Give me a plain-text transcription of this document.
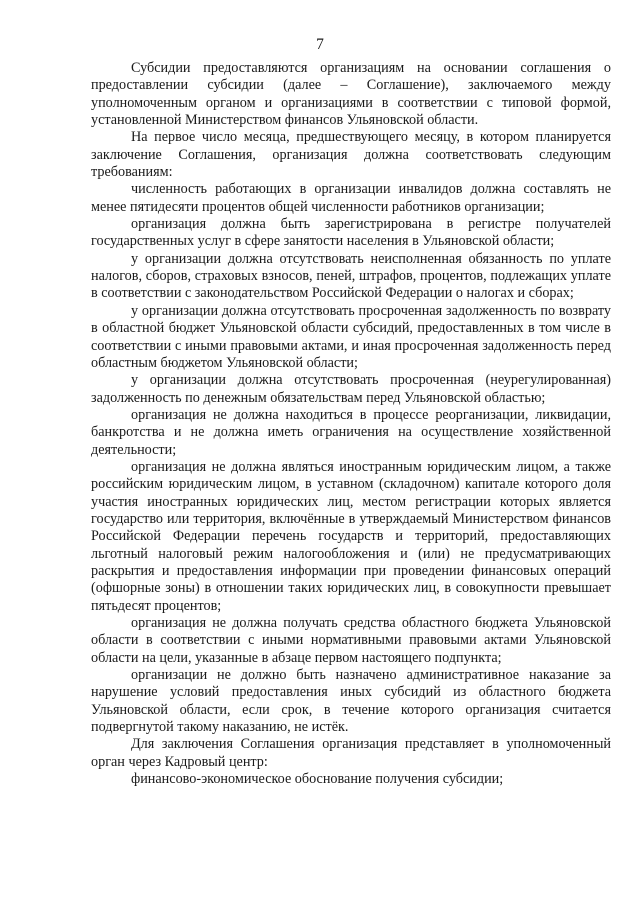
7

Субсидии предоставляются организациям на основании соглашения о предоставлении субсидии (далее – Соглашение), заключаемого между уполномоченным органом и организациями в соответствии с типовой формой, установленной Министерством финансов Ульяновской области.

На первое число месяца, предшествующего месяцу, в котором планируется заключение Соглашения, организация должна соответствовать следующим требованиям:

численность работающих в организации инвалидов должна составлять не менее пятидесяти процентов общей численности работников организации;

организация должна быть зарегистрирована в регистре получателей государственных услуг в сфере занятости населения в Ульяновской области;

у организации должна отсутствовать неисполненная обязанность по уплате налогов, сборов, страховых взносов, пеней, штрафов, процентов, подлежащих уплате в соответствии с законодательством Российской Федерации о налогах и сборах;

у организации должна отсутствовать просроченная задолженность по возврату в областной бюджет Ульяновской области субсидий, предоставленных в том числе в соответствии с иными правовыми актами, и иная просроченная задолженность перед областным бюджетом Ульяновской области;

у организации должна отсутствовать просроченная (неурегулированная) задолженность по денежным обязательствам перед Ульяновской областью;

организация не должна находиться в процессе реорганизации, ликвидации, банкротства и не должна иметь ограничения на осуществление хозяйственной деятельности;

организация не должна являться иностранным юридическим лицом, а также российским юридическим лицом, в уставном (складочном) капитале которого доля участия иностранных юридических лиц, местом регистрации которых является государство или территория, включённые в утверждаемый Министерством финансов Российской Федерации перечень государств и территорий, предоставляющих льготный налоговый режим налогообложения и (или) не предусматривающих раскрытия и предоставления информации при проведении финансовых операций (офшорные зоны) в отношении таких юридических лиц, в совокупности превышает пятьдесят процентов;

организация не должна получать средства областного бюджета Ульяновской области в соответствии с иными нормативными правовыми актами Ульяновской области на цели, указанные в абзаце первом настоящего подпункта;

организации не должно быть назначено административное наказание за нарушение условий предоставления иных субсидий из областного бюджета Ульяновской области, если срок, в течение которого организация считается подвергнутой такому наказанию, не истёк.

Для заключения Соглашения организация представляет в уполномоченный орган через Кадровый центр:

финансово-экономическое обоснование получения субсидии;
